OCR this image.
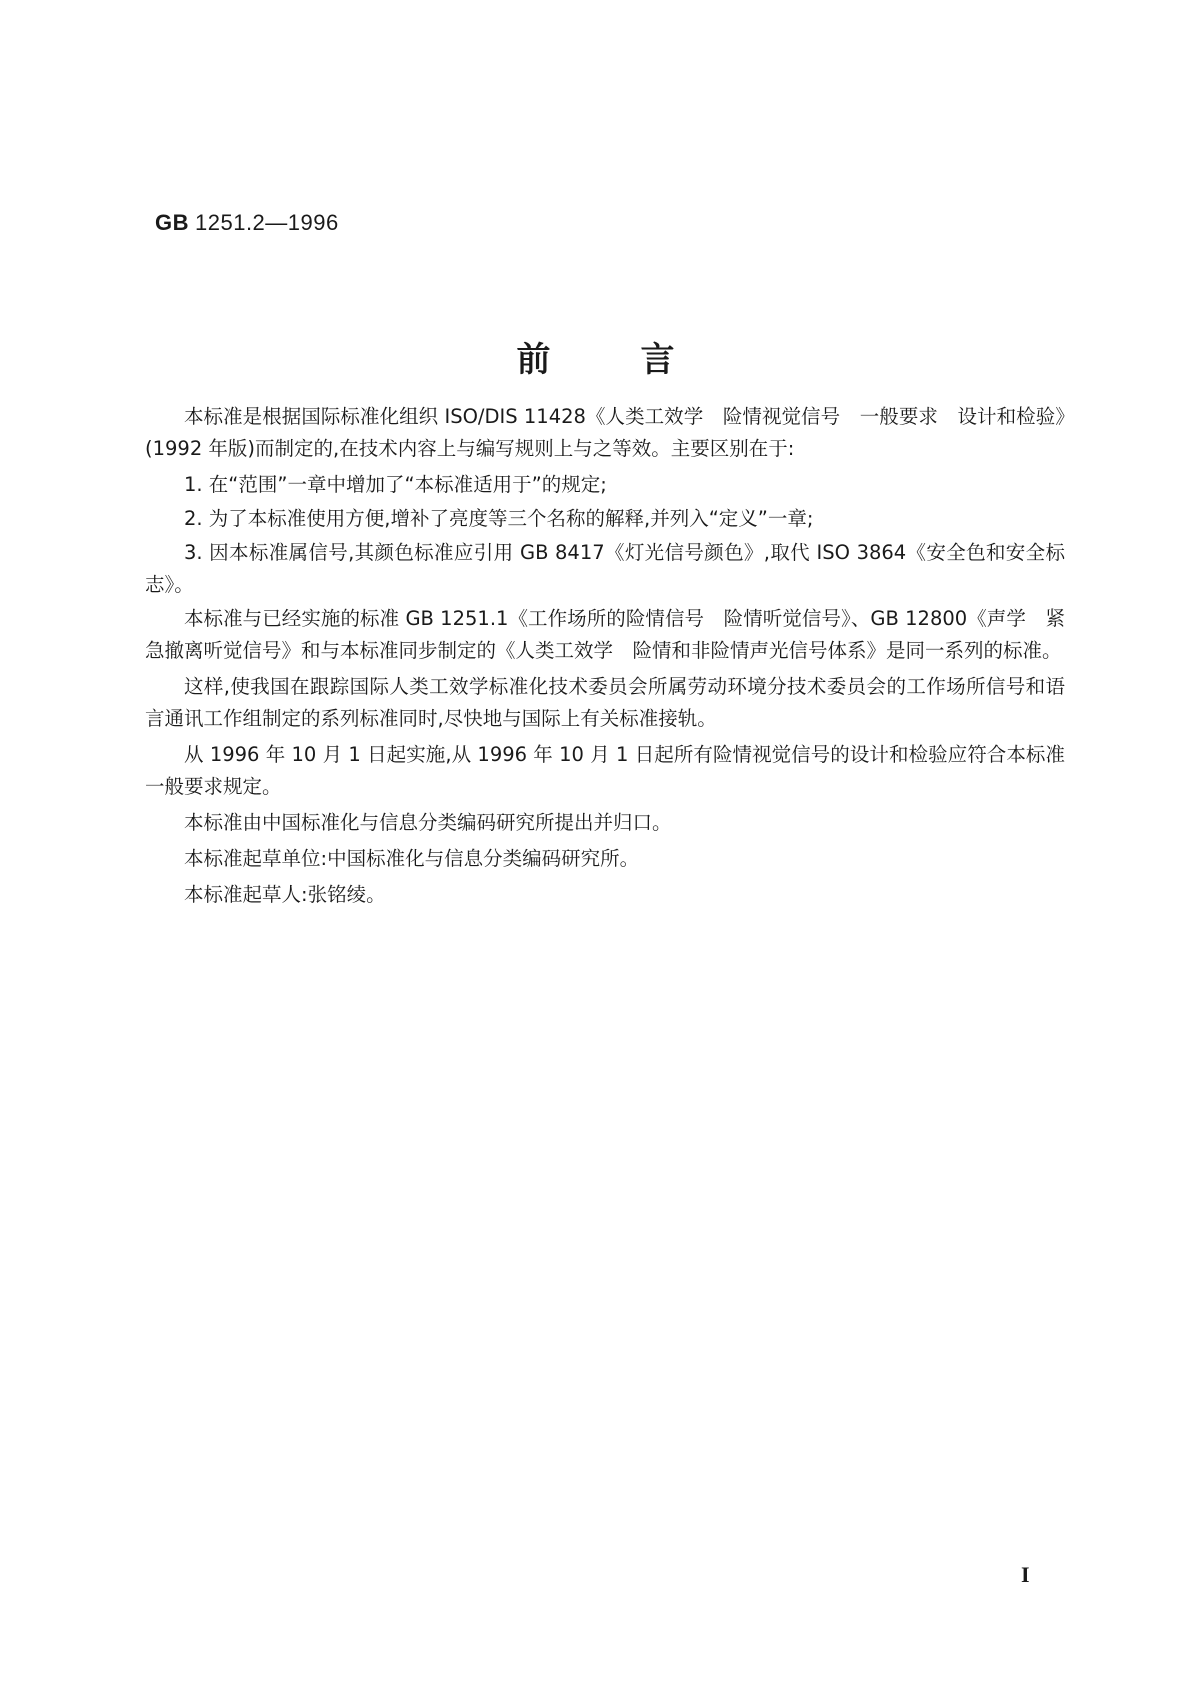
GB 1251.2—1996
前言

本标准是根据国际标准化组织 ISO/DIS 11428《人类工效学　险情视觉信号　一般要求　设计和检验》(1992 年版)而制定的,在技术内容上与编写规则上与之等效。主要区别在于:

1. 在“范围”一章中增加了“本标准适用于”的规定;

2. 为了本标准使用方便,增补了亮度等三个名称的解释,并列入“定义”一章;

3. 因本标准属信号,其颜色标准应引用 GB 8417《灯光信号颜色》,取代 ISO 3864《安全色和安全标志》。

本标准与已经实施的标准 GB 1251.1《工作场所的险情信号　险情听觉信号》、GB 12800《声学　紧急撤离听觉信号》和与本标准同步制定的《人类工效学　险情和非险情声光信号体系》是同一系列的标准。

这样,使我国在跟踪国际人类工效学标准化技术委员会所属劳动环境分技术委员会的工作场所信号和语言通讯工作组制定的系列标准同时,尽快地与国际上有关标准接轨。

从 1996 年 10 月 1 日起实施,从 1996 年 10 月 1 日起所有险情视觉信号的设计和检验应符合本标准一般要求规定。

本标准由中国标准化与信息分类编码研究所提出并归口。

本标准起草单位:中国标准化与信息分类编码研究所。

本标准起草人:张铭绫。

I
